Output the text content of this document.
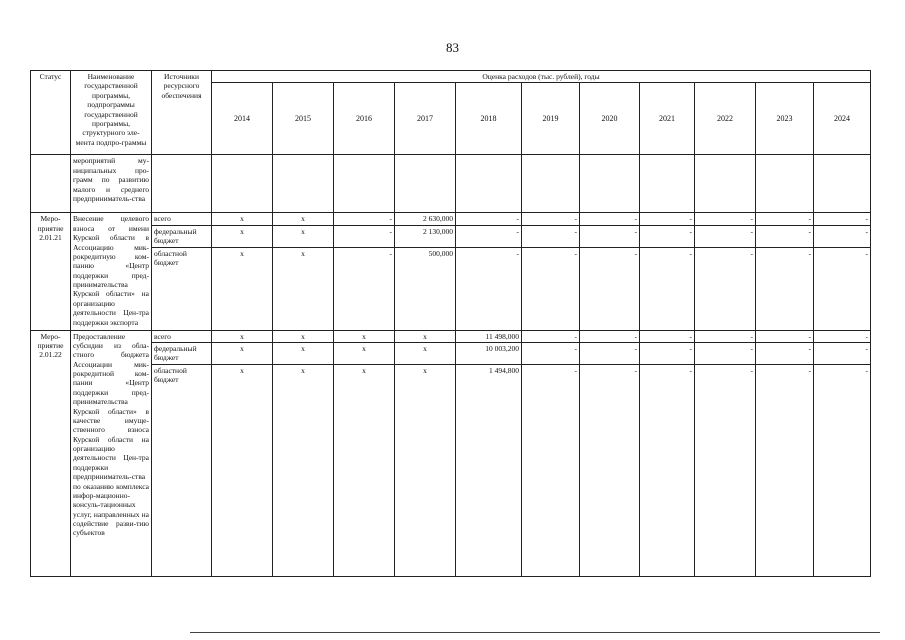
83
Статус	Наименование государственной программы, подпрограммы государственной программы, структурного эле-мента подпро-граммы	Источники ресурсного обеспечения	Оценка расходов (тыс. рублей), годы										
			2014	2015	2016	2017	2018	2019	2020	2021	2022	2023	2024
	мероприятий му-ниципальных про-грамм по развитию малого и среднего предприниматель-ства												
Меро-приятие 2.01.21	Внесение целевого взноса от имени Курской области в Ассоциацию мик-рокредитную ком-панию «Центр поддержки пред-принимательства Курской области» на организацию деятельности Цен-тра поддержки экспорта	всего	х	х	-	2 630,000	-	-	-	-	-	-	-
		федеральный бюджет	х	х	-	2 130,000	-	-	-	-	-	-	-
		областной бюджет	х	х	-	500,000	-	-	-	-	-	-	-
Меро-приятие 2.01.22	Предоставление субсидии из обла-стного бюджета Ассоциации мик-рокредитной ком-пании «Центр поддержки пред-принимательства Курской области» в качестве имуще-ственного взноса Курской области на организацию деятельности Цен-тра поддержки предприниматель-ства по оказанию комплекса инфор-мационно-консуль-тационных услуг, направленных на содействие разви-тию субъектов	всего	х	х	х	х	11 498,000	-	-	-	-	-	-
		федеральный бюджет	х	х	х	х	10 003,200	-	-	-	-	-	-
		областной бюджет	х	х	х	х	1 494,800	-	-	-	-	-	-
